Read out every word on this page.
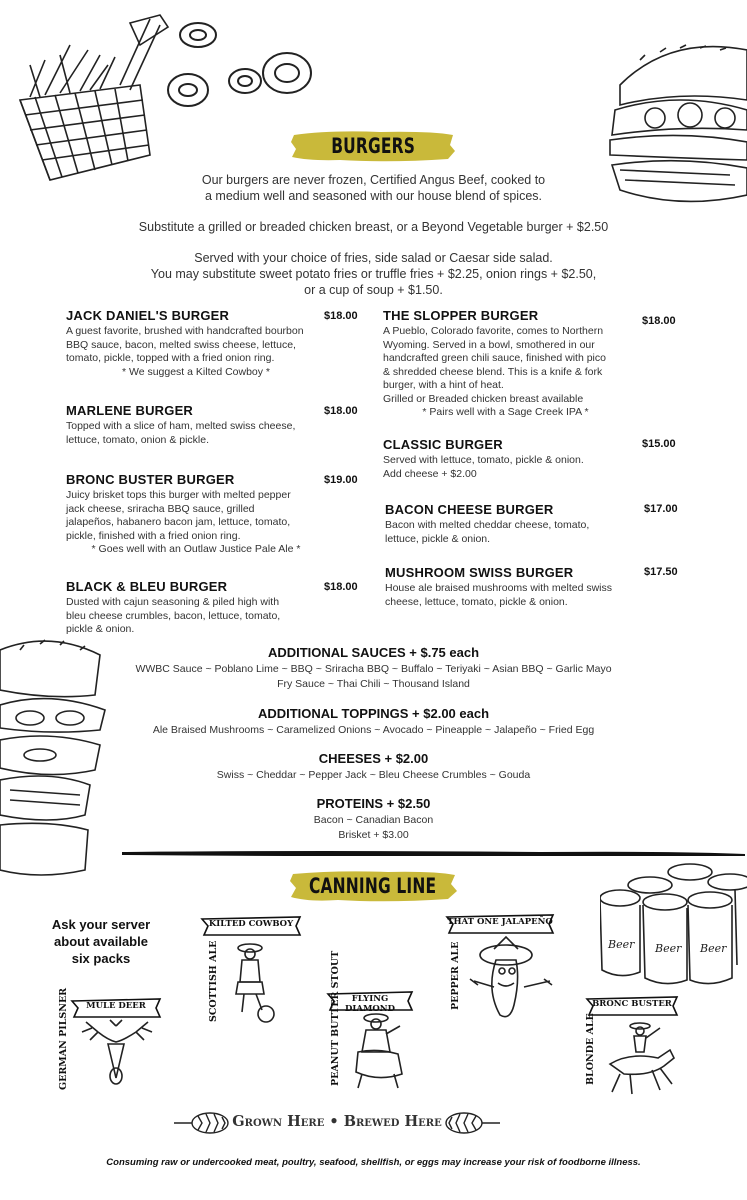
Beer Beer Beer
BURGERS
Our burgers are never frozen, Certified Angus Beef, cooked to
a medium well and seasoned with our house blend of spices.
Substitute a grilled or breaded chicken breast, or a Beyond Vegetable burger + $2.50
Served with your choice of fries, side salad or Caesar side salad.
You may substitute sweet potato fries or truffle fries + $2.25, onion rings + $2.50,
or a cup of soup + $1.50.
JACK DANIEL'S BURGER	$18.00
A guest favorite, brushed with handcrafted bourbon
BBQ sauce, bacon, melted swiss cheese, lettuce,
tomato, pickle, topped with a fried onion ring.
* We suggest a Kilted Cowboy *
MARLENE BURGER	$18.00
Topped with a slice of ham, melted swiss cheese,
lettuce, tomato, onion & pickle.
BRONC BUSTER BURGER	$19.00
Juicy brisket tops this burger with melted pepper
jack cheese, sriracha BBQ sauce, grilled
jalapeños, habanero bacon jam, lettuce, tomato,
pickle, finished with a fried onion ring.
* Goes well with an Outlaw Justice Pale Ale *
BLACK & BLEU BURGER	$18.00
Dusted with cajun seasoning & piled high with
bleu cheese crumbles, bacon, lettuce, tomato,
pickle & onion.
THE SLOPPER BURGER	$18.00
A Pueblo, Colorado favorite, comes to Northern
Wyoming. Served in a bowl, smothered in our
handcrafted green chili sauce, finished with pico
& shredded cheese blend. This is a knife & fork
burger, with a hint of heat.
Grilled or Breaded chicken breast available
* Pairs well with a Sage Creek IPA *
CLASSIC BURGER	$15.00
Served with lettuce, tomato, pickle & onion.
Add cheese + $2.00
BACON CHEESE BURGER	$17.00
Bacon with melted cheddar cheese, tomato,
lettuce, pickle & onion.
MUSHROOM SWISS BURGER	$17.50
House ale braised mushrooms with melted swiss
cheese, lettuce, tomato, pickle & onion.
ADDITIONAL SAUCES + $.75 each
WWBC Sauce ~ Poblano Lime ~ BBQ ~ Sriracha BBQ ~ Buffalo ~ Teriyaki ~ Asian BBQ ~ Garlic Mayo
Fry Sauce ~ Thai Chili ~ Thousand Island
ADDITIONAL TOPPINGS + $2.00 each
Ale Braised Mushrooms ~ Caramelized Onions ~ Avocado ~ Pineapple ~ Jalapeño ~ Fried Egg
CHEESES + $2.00
Swiss ~ Cheddar ~ Pepper Jack ~ Bleu Cheese Crumbles ~ Gouda
PROTEINS + $2.50
Bacon ~ Canadian Bacon
Brisket + $3.00
CANNING LINE
Ask your server
about available
six packs
KILTED COWBOY
SCOTTISH ALE
THAT ONE JALAPEÑO
PEPPER ALE
MULE DEER
GERMAN PILSNER	FLYING DIAMOND
PEANUT BUTTER STOUT	BRONC BUSTER
BLONDE ALE
Grown Here • Brewed Here
Consuming raw or undercooked meat, poultry, seafood, shellfish, or eggs may increase your risk of foodborne illness.
